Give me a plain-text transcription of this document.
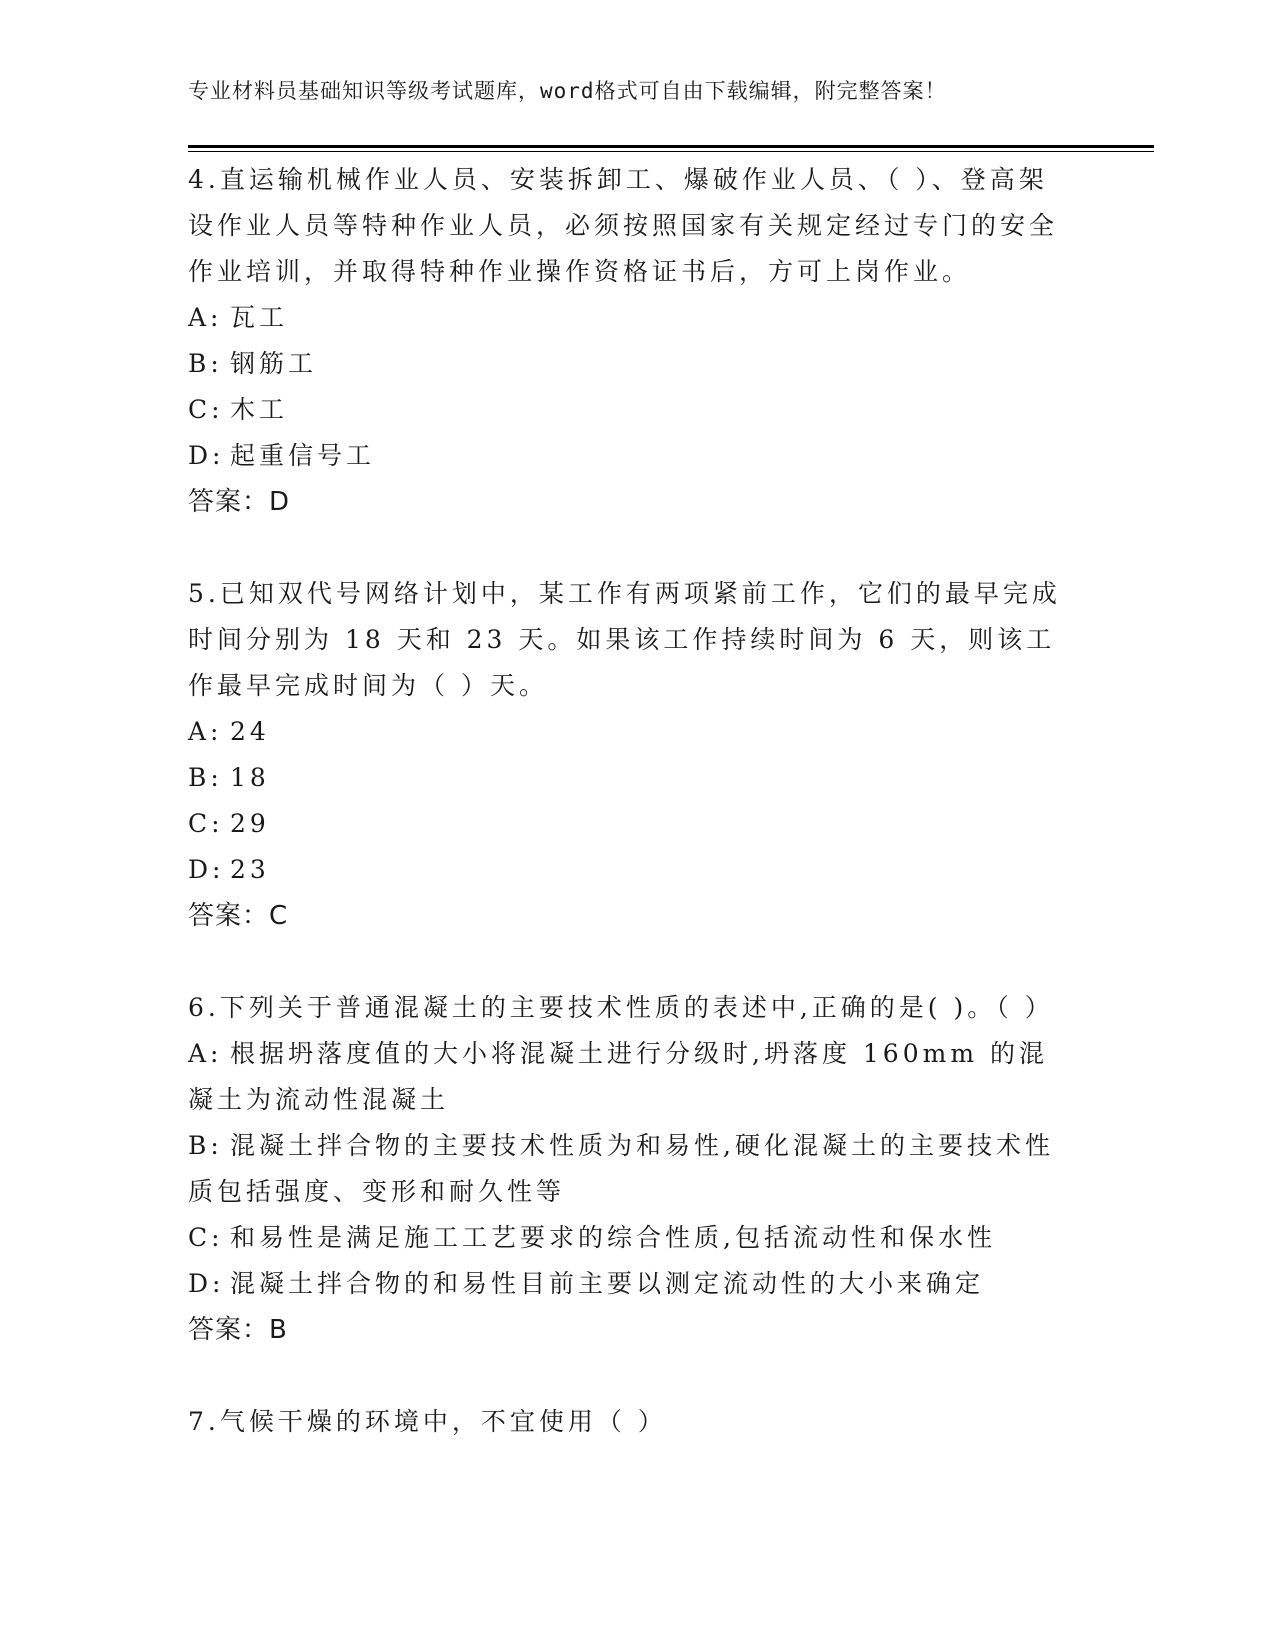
专业材料员基础知识等级考试题库，word格式可自由下载编辑，附完整答案！

4.直运输机械作业人员、安装拆卸工、爆破作业人员、（ ）、登高架设作业人员等特种作业人员，必须按照国家有关规定经过专门的安全作业培训，并取得特种作业操作资格证书后，方可上岗作业。

A: 瓦工

B: 钢筋工

C: 木工

D: 起重信号工

答案：D

5.已知双代号网络计划中，某工作有两项紧前工作，它们的最早完成时间分别为 18 天和 23 天。如果该工作持续时间为 6 天，则该工作最早完成时间为（ ）天。

A: 24

B: 18

C: 29

D: 23

答案：C

6.下列关于普通混凝土的主要技术性质的表述中,正确的是( )。（ ）

A: 根据坍落度值的大小将混凝土进行分级时,坍落度 160mm 的混凝土为流动性混凝土

B: 混凝土拌合物的主要技术性质为和易性,硬化混凝土的主要技术性质包括强度、变形和耐久性等

C: 和易性是满足施工工艺要求的综合性质,包括流动性和保水性

D: 混凝土拌合物的和易性目前主要以测定流动性的大小来确定

答案：B

7.气候干燥的环境中，不宜使用（ ）
